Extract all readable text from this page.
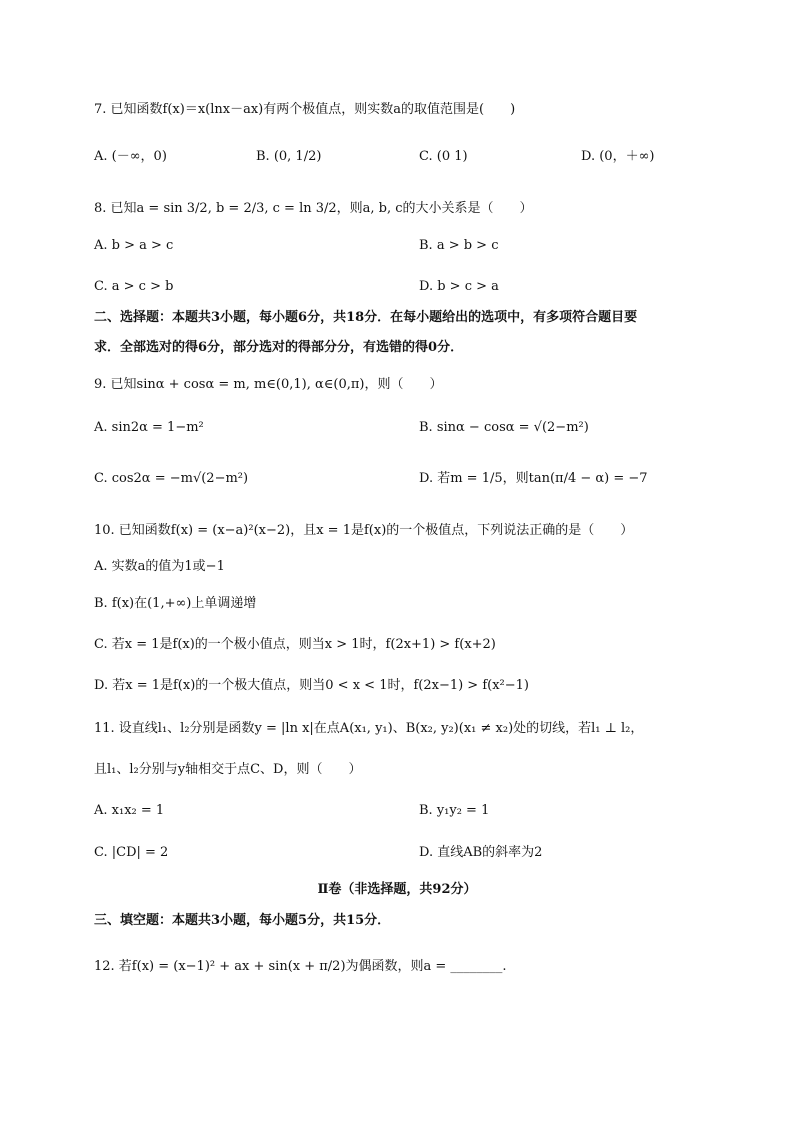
7. 已知函数f(x)＝x(lnx－ax)有两个极值点，则实数a的取值范围是(　　)
A. (－∞，0)	B. (0, 1/2)	C. (0 1)	D. (0，＋∞)
8. 已知a = sin 3/2, b = 2/3, c = ln 3/2，则a, b, c的大小关系是（　　）
A. b > a > c	B. a > b > c
C. a > c > b	D. b > c > a
二、选择题：本题共3小题，每小题6分，共18分．在每小题给出的选项中，有多项符合题目要
求．全部选对的得6分，部分选对的得部分分，有选错的得0分．
9. 已知sinα + cosα = m, m∈(0,1), α∈(0,π)，则（　　）
A. sin2α = 1−m²	B. sinα − cosα = √(2−m²)
C. cos2α = −m√(2−m²)	D. 若m = 1/5，则tan(π/4 − α) = −7
10. 已知函数f(x) = (x−a)²(x−2)，且x = 1是f(x)的一个极值点，下列说法正确的是（　　）
A. 实数a的值为1或−1
B. f(x)在(1,+∞)上单调递增
C. 若x = 1是f(x)的一个极小值点，则当x > 1时，f(2x+1) > f(x+2)
D. 若x = 1是f(x)的一个极大值点，则当0 < x < 1时，f(2x−1) > f(x²−1)
11. 设直线l₁、l₂分别是函数y = |ln x|在点A(x₁, y₁)、B(x₂, y₂)(x₁ ≠ x₂)处的切线，若l₁ ⊥ l₂，
且l₁、l₂分别与y轴相交于点C、D，则（　　）
A. x₁x₂ = 1	B. y₁y₂ = 1
C. |CD| = 2	D. 直线AB的斜率为2
Ⅱ卷（非选择题，共92分）
三、填空题：本题共3小题，每小题5分，共15分．
12. 若f(x) = (x−1)² + ax + sin(x + π/2)为偶函数，则a = ________.
